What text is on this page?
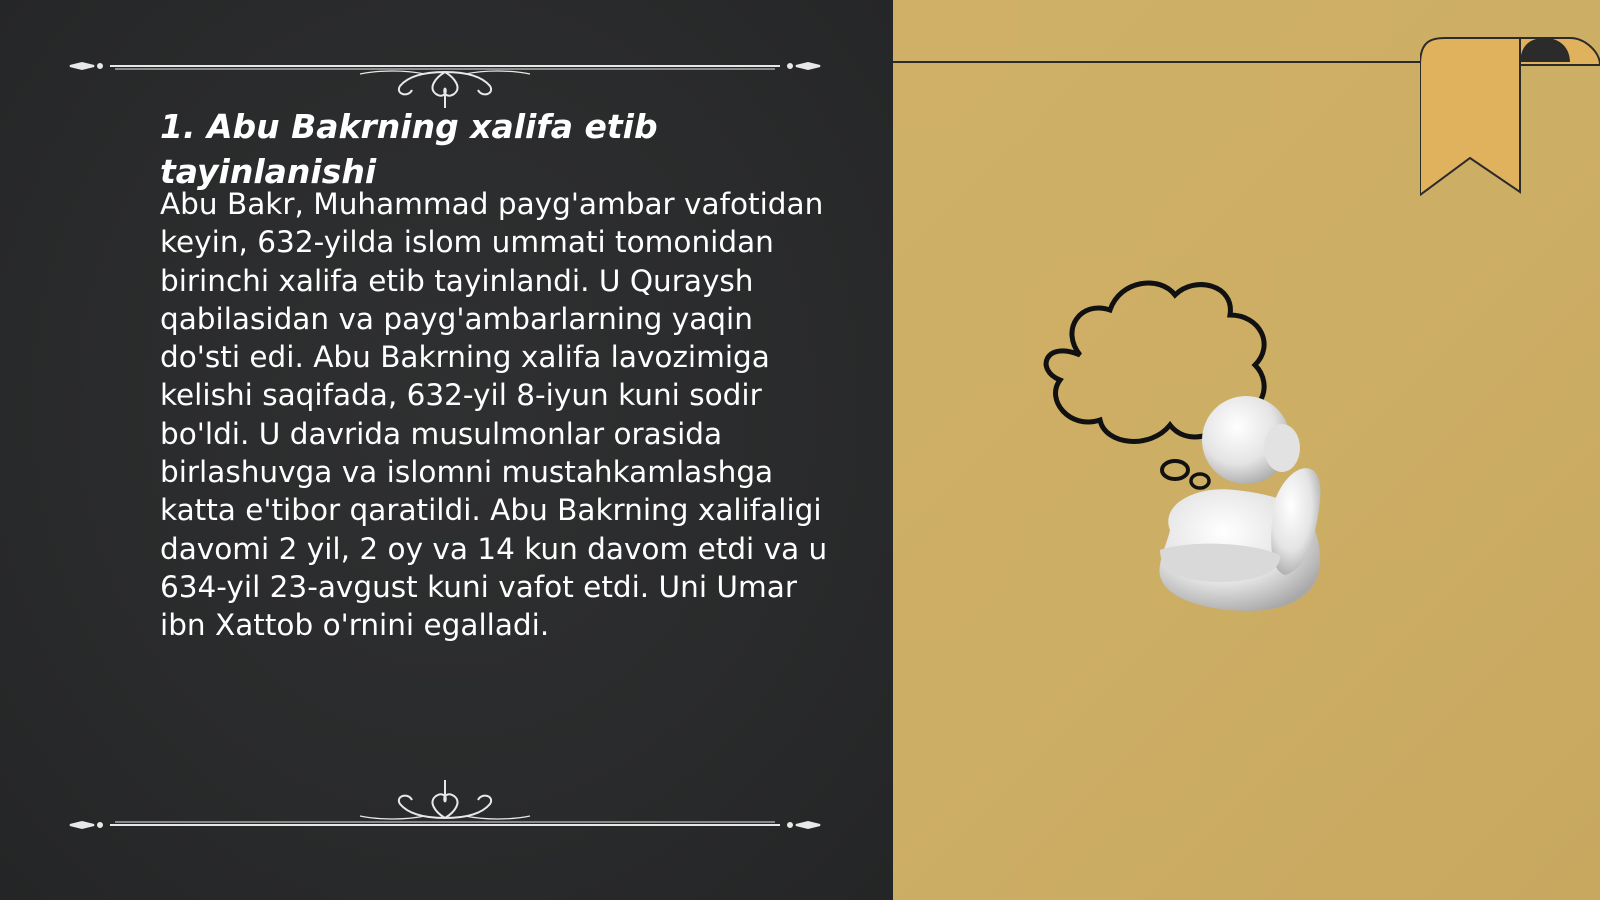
1. Abu Bakrning xalifa etib tayinlanishi

Abu Bakr, Muhammad payg'ambar vafotidan keyin, 632-yilda islom ummati tomonidan birinchi xalifa etib tayinlandi. U Quraysh qabilasidan va payg'ambarlarning yaqin do'sti edi. Abu Bakrning xalifa lavozimiga kelishi saqifada, 632-yil 8-iyun kuni sodir bo'ldi. U davrida musulmonlar orasida birlashuvga va islomni mustahkamlashga katta e'tibor qaratildi. Abu Bakrning xalifaligi davomi 2 yil, 2 oy va 14 kun davom etdi va u 634-yil 23-avgust kuni vafot etdi. Uni Umar ibn Xattob o'rnini egalladi.
